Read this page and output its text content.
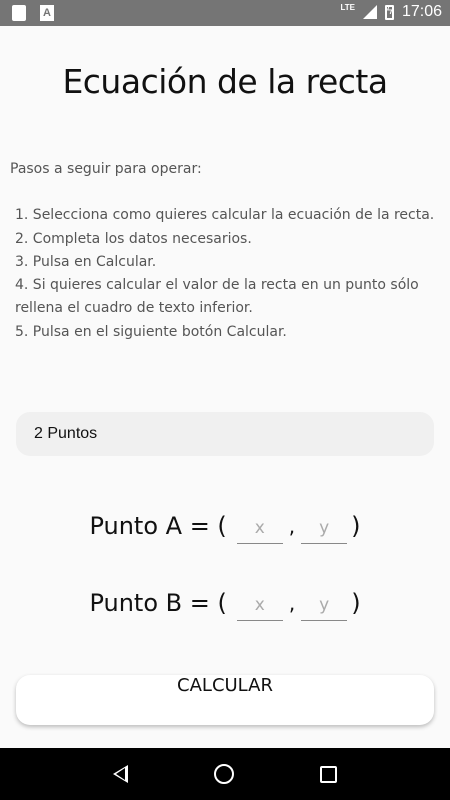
A	LTE
ϟ	17:06
Ecuación de la recta
Pasos a seguir para operar:
1. Selecciona como quieres calcular la ecuación de la recta.
2. Completa los datos necesarios.
3. Pulsa en Calcular.
4. Si quieres calcular el valor de la recta en un punto sólo rellena el cuadro de texto inferior.
5. Pulsa en el siguiente botón Calcular.
2 Puntos
Punto A = (	x	,	y )
Punto B = (	x	,	y )
CALCULAR
